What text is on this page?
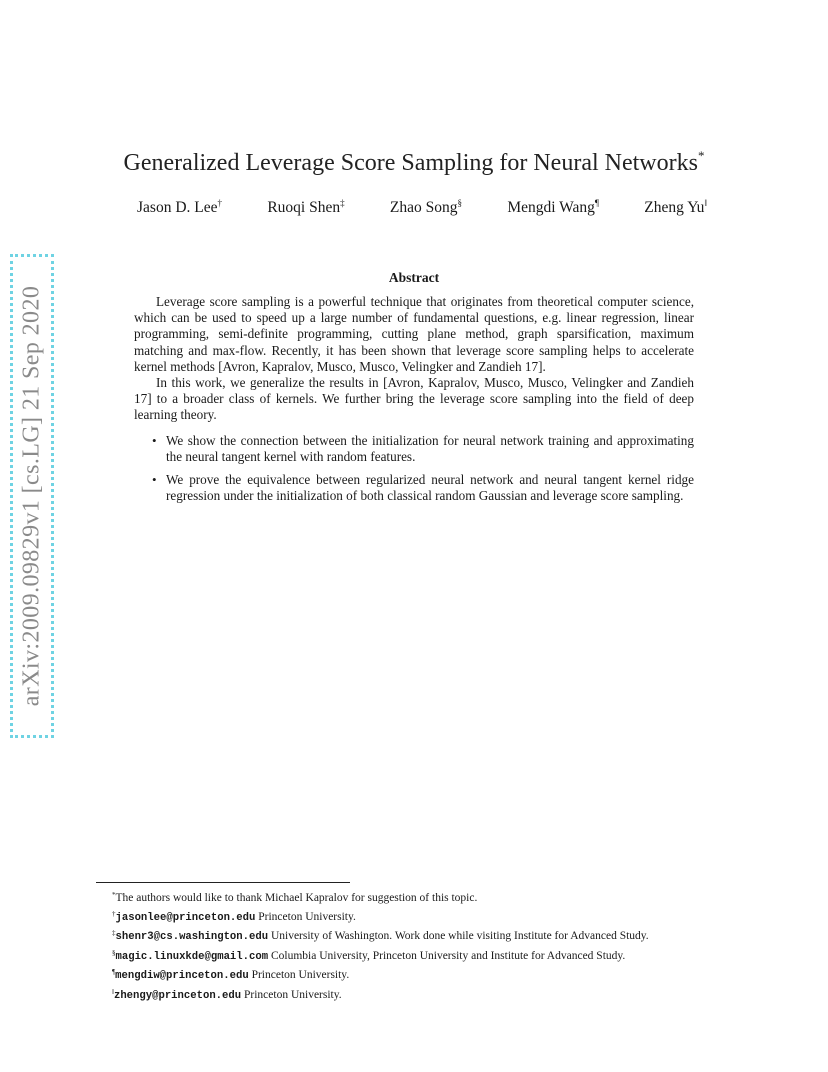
arXiv:2009.09829v1 [cs.LG] 21 Sep 2020
Generalized Leverage Score Sampling for Neural Networks*
Jason D. Lee†	Ruoqi Shen‡	Zhao Song§	Mengdi Wang¶	Zheng Yu‖
Abstract

Leverage score sampling is a powerful technique that originates from theoretical computer science, which can be used to speed up a large number of fundamental questions, e.g. linear regression, linear programming, semi-definite programming, cutting plane method, graph sparsification, maximum matching and max-flow. Recently, it has been shown that leverage score sampling helps to accelerate kernel methods [Avron, Kapralov, Musco, Musco, Velingker and Zandieh 17].

In this work, we generalize the results in [Avron, Kapralov, Musco, Musco, Velingker and Zandieh 17] to a broader class of kernels. We further bring the leverage score sampling into the field of deep learning theory.

• We show the connection between the initialization for neural network training and approximating the neural tangent kernel with random features.
• We prove the equivalence between regularized neural network and neural tangent kernel ridge regression under the initialization of both classical random Gaussian and leverage score sampling.
*The authors would like to thank Michael Kapralov for suggestion of this topic.
†jasonlee@princeton.edu Princeton University.
‡shenr3@cs.washington.edu University of Washington. Work done while visiting Institute for Advanced Study.
§magic.linuxkde@gmail.com Columbia University, Princeton University and Institute for Advanced Study.
¶mengdiw@princeton.edu Princeton University.
‖zhengy@princeton.edu Princeton University.
